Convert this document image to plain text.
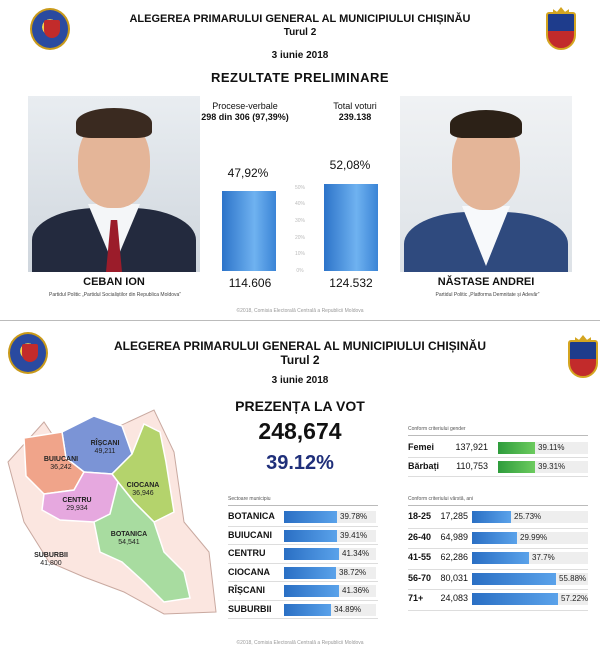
ALEGEREA PRIMARULUI GENERAL AL MUNICIPIULUI CHIȘINĂU
Turul 2
3 iunie 2018
REZULTATE PRELIMINARE
Procese-verbale
298 din 306 (97,39%)
Total voturi
239.138
47,92%
52,08%
0%
10%
20%
30%
40%
50%
114.606	124.532
CEBAN ION
Partidul Politic „Partidul Socialiștilor din Republica Moldova”
NĂSTASE ANDREI
Partidul Politic „Platforma Demnitate și Adevăr”
©2018, Comisia Electorală Centrală a Republicii Moldova
ALEGEREA PRIMARULUI GENERAL AL MUNICIPIULUI CHIȘINĂU
Turul 2
3 iunie 2018
PREZENȚA LA VOT
248,674
39.12%
RÎȘCANI
49,211
BUIUCANI
36,242
CIOCANA
36,946
CENTRU
29,934
BOTANICA
54,541
SUBURBII
41,800
Conform criteriului gender
Femei	137,921	39.11%
Bărbați	110,753	39.31%
Sectoare municipiu
BOTANICA	39.78%
BUIUCANI	39.41%
CENTRU	41.34%
CIOCANA	38.72%
RÎȘCANI	41.36%
SUBURBII	34.89%
Conform criteriului vârstă, ani
18-25	17,285	25.73%
26-40	64,989	29.99%
41-55	62,286	37.7%
56-70	80,031	55.88%
71+	24,083	57.22%
©2018, Comisia Electorală Centrală a Republicii Moldova
